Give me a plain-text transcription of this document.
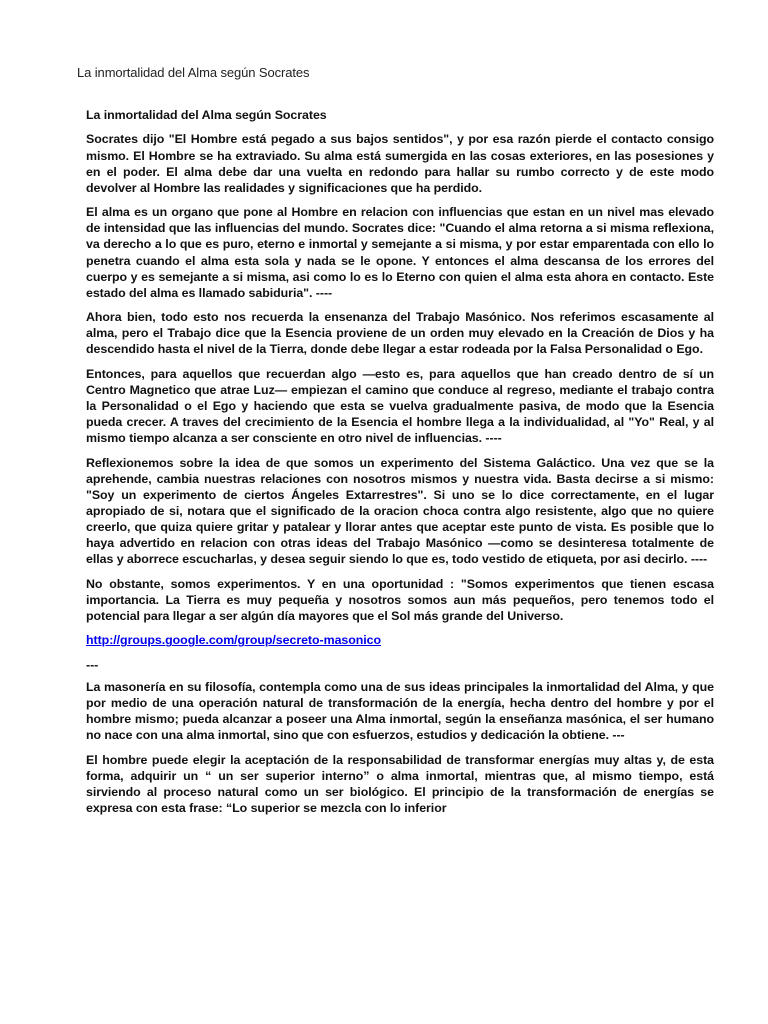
La inmortalidad del Alma según Socrates

La inmortalidad del Alma según Socrates

Socrates dijo "El Hombre está pegado a sus bajos sentidos", y por esa razón pierde el contacto consigo mismo. El Hombre se ha extraviado. Su alma está sumergida en las cosas exteriores, en las posesiones y en el poder. El alma debe dar una vuelta en redondo para hallar su rumbo correcto y de este modo devolver al Hombre las realidades y significaciones que ha perdido.

El alma es un organo que pone al Hombre en relacion con influencias que estan en un nivel mas elevado de intensidad que las influencias del mundo. Socrates dice: "Cuando el alma retorna a si misma reflexiona, va derecho a lo que es puro, eterno e inmortal y semejante a si misma, y por estar emparentada con ello lo penetra cuando el alma esta sola y nada se le opone. Y entonces el alma descansa de los errores del cuerpo y es semejante a si misma, asi como lo es lo Eterno con quien el alma esta ahora en contacto. Este estado del alma es llamado sabiduria". ----

Ahora bien, todo esto nos recuerda la ensenanza del Trabajo Masónico. Nos referimos escasamente al alma, pero el Trabajo dice que la Esencia proviene de un orden muy elevado en la Creación de Dios y ha descendido hasta el nivel de la Tierra, donde debe llegar a estar rodeada por la Falsa Personalidad o Ego.

Entonces, para aquellos que recuerdan algo —esto es, para aquellos que han creado dentro de sí un Centro Magnetico que atrae Luz— empiezan el camino que conduce al regreso, mediante el trabajo contra la Personalidad o el Ego y haciendo que esta se vuelva gradualmente pasiva, de modo que la Esencia pueda crecer. A traves del crecimiento de la Esencia el hombre llega a la individualidad, al "Yo" Real, y al mismo tiempo alcanza a ser consciente en otro nivel de influencias. ----

Reflexionemos sobre la idea de que somos un experimento del Sistema Galáctico. Una vez que se la aprehende, cambia nuestras relaciones con nosotros mismos y nuestra vida. Basta decirse a si mismo: "Soy un experimento de ciertos Ángeles Extarrestres". Si uno se lo dice correctamente, en el lugar apropiado de si, notara que el significado de la oracion choca contra algo resistente, algo que no quiere creerlo, que quiza quiere gritar y patalear y llorar antes que aceptar este punto de vista. Es posible que lo haya advertido en relacion con otras ideas del Trabajo Masónico —como se desinteresa totalmente de ellas y aborrece escucharlas, y desea seguir siendo lo que es, todo vestido de etiqueta, por asi decirlo. ----

No obstante, somos experimentos. Y en una oportunidad : "Somos experimentos que tienen escasa importancia. La Tierra es muy pequeña y nosotros somos aun más pequeños, pero tenemos todo el potencial para llegar a ser algún día mayores que el Sol más grande del Universo.

http://groups.google.com/group/secreto-masonico

---

La masonería en su filosofía, contempla como una de sus ideas principales la inmortalidad del Alma, y que por medio de una operación natural de transformación de la energía, hecha dentro del hombre y por el hombre mismo; pueda alcanzar a poseer una Alma inmortal, según la enseñanza masónica, el ser humano no nace con una alma inmortal, sino que con esfuerzos, estudios y dedicación la obtiene. ---

El hombre puede elegir la aceptación de la responsabilidad de transformar energías muy altas y, de esta forma, adquirir un “ un ser superior interno” o alma inmortal, mientras que, al mismo tiempo, está sirviendo al proceso natural como un ser biológico. El principio de la transformación de energías se expresa con esta frase: “Lo superior se mezcla con lo inferior
